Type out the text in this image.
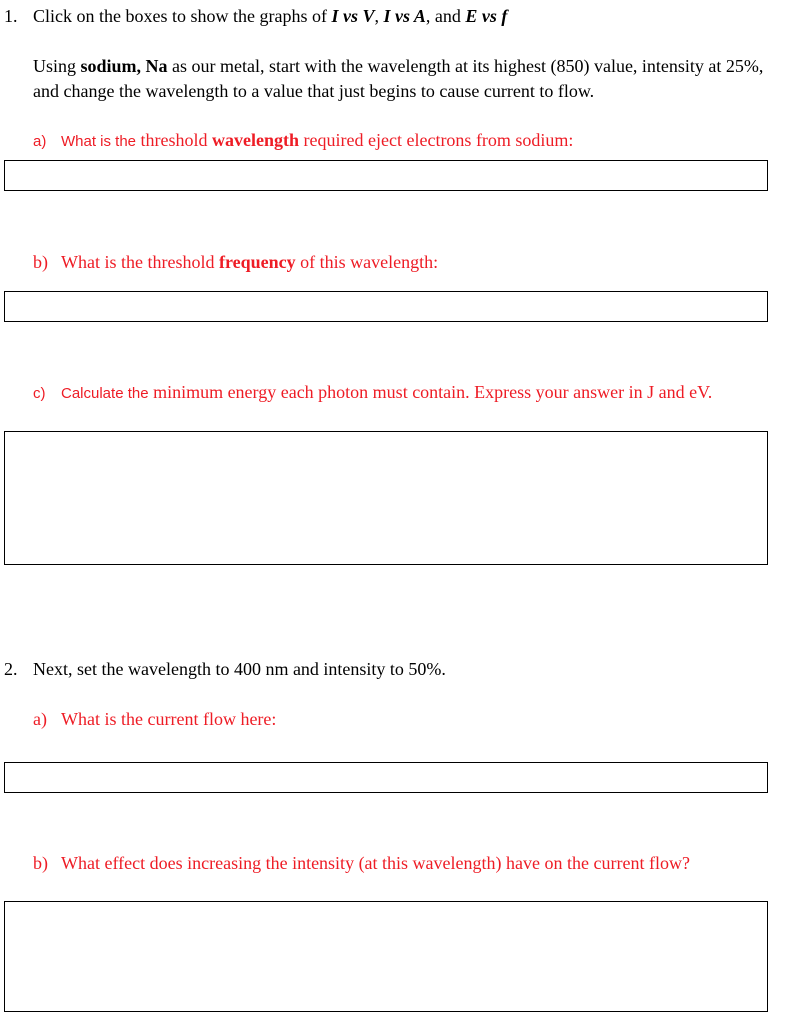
1. Click on the boxes to show the graphs of I vs V, I vs A, and E vs f
Using sodium, Na as our metal, start with the wavelength at its highest (850) value, intensity at 25%,
and change the wavelength to a value that just begins to cause current to flow.
a) What is the threshold wavelength required eject electrons from sodium:
b) What is the threshold frequency of this wavelength:
c) Calculate the minimum energy each photon must contain. Express your answer in J and eV.
2. Next, set the wavelength to 400 nm and intensity to 50%.
a) What is the current flow here:
b) What effect does increasing the intensity (at this wavelength) have on the current flow?
